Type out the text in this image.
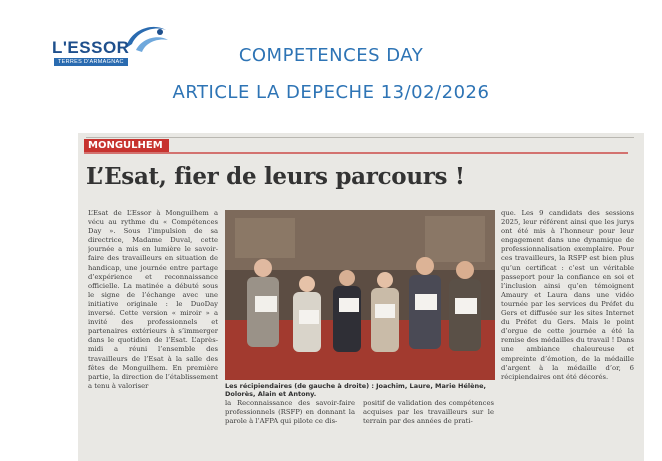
L'ESSOR
TERRES D'ARMAGNAC	COMPETENCES DAY
ARTICLE LA DEPECHE 13/02/2026
MONGULHEM
L’Esat, fier de leurs parcours !
L’Esat de L’Essor à Monguilhem a vécu au rythme du « Compétences Day ». Sous l’impulsion de sa directrice, Madame Duval, cette journée a mis en lumière le savoir-faire des travailleurs en situation de handicap, une journée entre partage d’expérience et reconnaissance officielle. La matinée a débuté sous le signe de l’échange avec une initiative originale : le DuoDay inversé. Cette version « miroir » a invité des professionnels et partenaires extérieurs à s’immerger dans le quotidien de l’Esat. L’après-midi a réuni l’ensemble des travailleurs de l’Esat à la salle des fêtes de Monguilhem. En première partie, la direction de l’établissement a tenu à valoriser	Les récipiendaires (de gauche à droite) : Joachim, Laure, Marie Hélène, Dolorès, Alain et Antony.
la Reconnaissance des savoir-faire professionnels (RSFP) en donnant la parole à l’AFPA qui pilote ce dis-
positif de validation des compétences acquises par les travailleurs sur le terrain par des années de prati-
que. Les 9 candidats des sessions 2025, leur référent ainsi que les jurys ont été mis à l’honneur pour leur engagement dans une dynamique de professionnalisation exemplaire. Pour ces travailleurs, la RSFP est bien plus qu’un certificat : c’est un véritable passeport pour la confiance en soi et l’inclusion ainsi qu’en témoignent Amaury et Laura dans une vidéo tournée par les services du Préfet du Gers et diffusée sur les sites Internet du Préfet du Gers. Mais le point d’orgue de cette journée a été la remise des médailles du travail ! Dans une ambiance chaleureuse et empreinte d’émotion, de la médaille d’argent à la médaille d’or, 6 récipiendaires ont été décorés.
